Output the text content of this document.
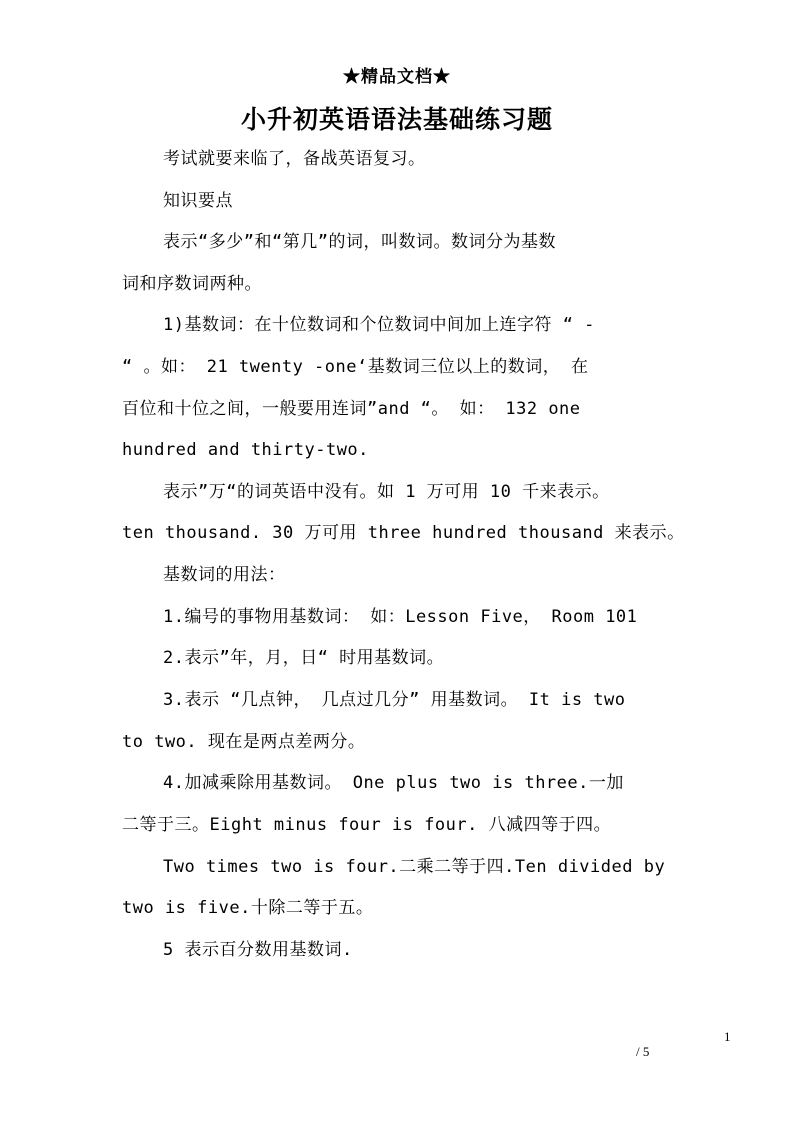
★精品文档★
小升初英语语法基础练习题
考试就要来临了，备战英语复习。
知识要点
表示“多少”和“第几”的词，叫数词。数词分为基数
词和序数词两种。
1)基数词：在十位数词和个位数词中间加上连字符 “ -
“ 。如： 21 twenty -one‘基数词三位以上的数词， 在
百位和十位之间，一般要用连词”and “。 如： 132 one
hundred and thirty-two.
表示”万“的词英语中没有。如 1 万可用 10 千来表示。
ten thousand. 30 万可用 three hundred thousand 来表示。
基数词的用法：
1.编号的事物用基数词： 如：Lesson Five， Room 101
2.表示”年，月，日“ 时用基数词。
3.表示 “几点钟， 几点过几分” 用基数词。 It is two
to two. 现在是两点差两分。
4.加减乘除用基数词。 One plus two is three.一加
二等于三。Eight minus four is four. 八减四等于四。
Two times two is four.二乘二等于四.Ten divided by
two is five.十除二等于五。
5 表示百分数用基数词.
1
/ 5
